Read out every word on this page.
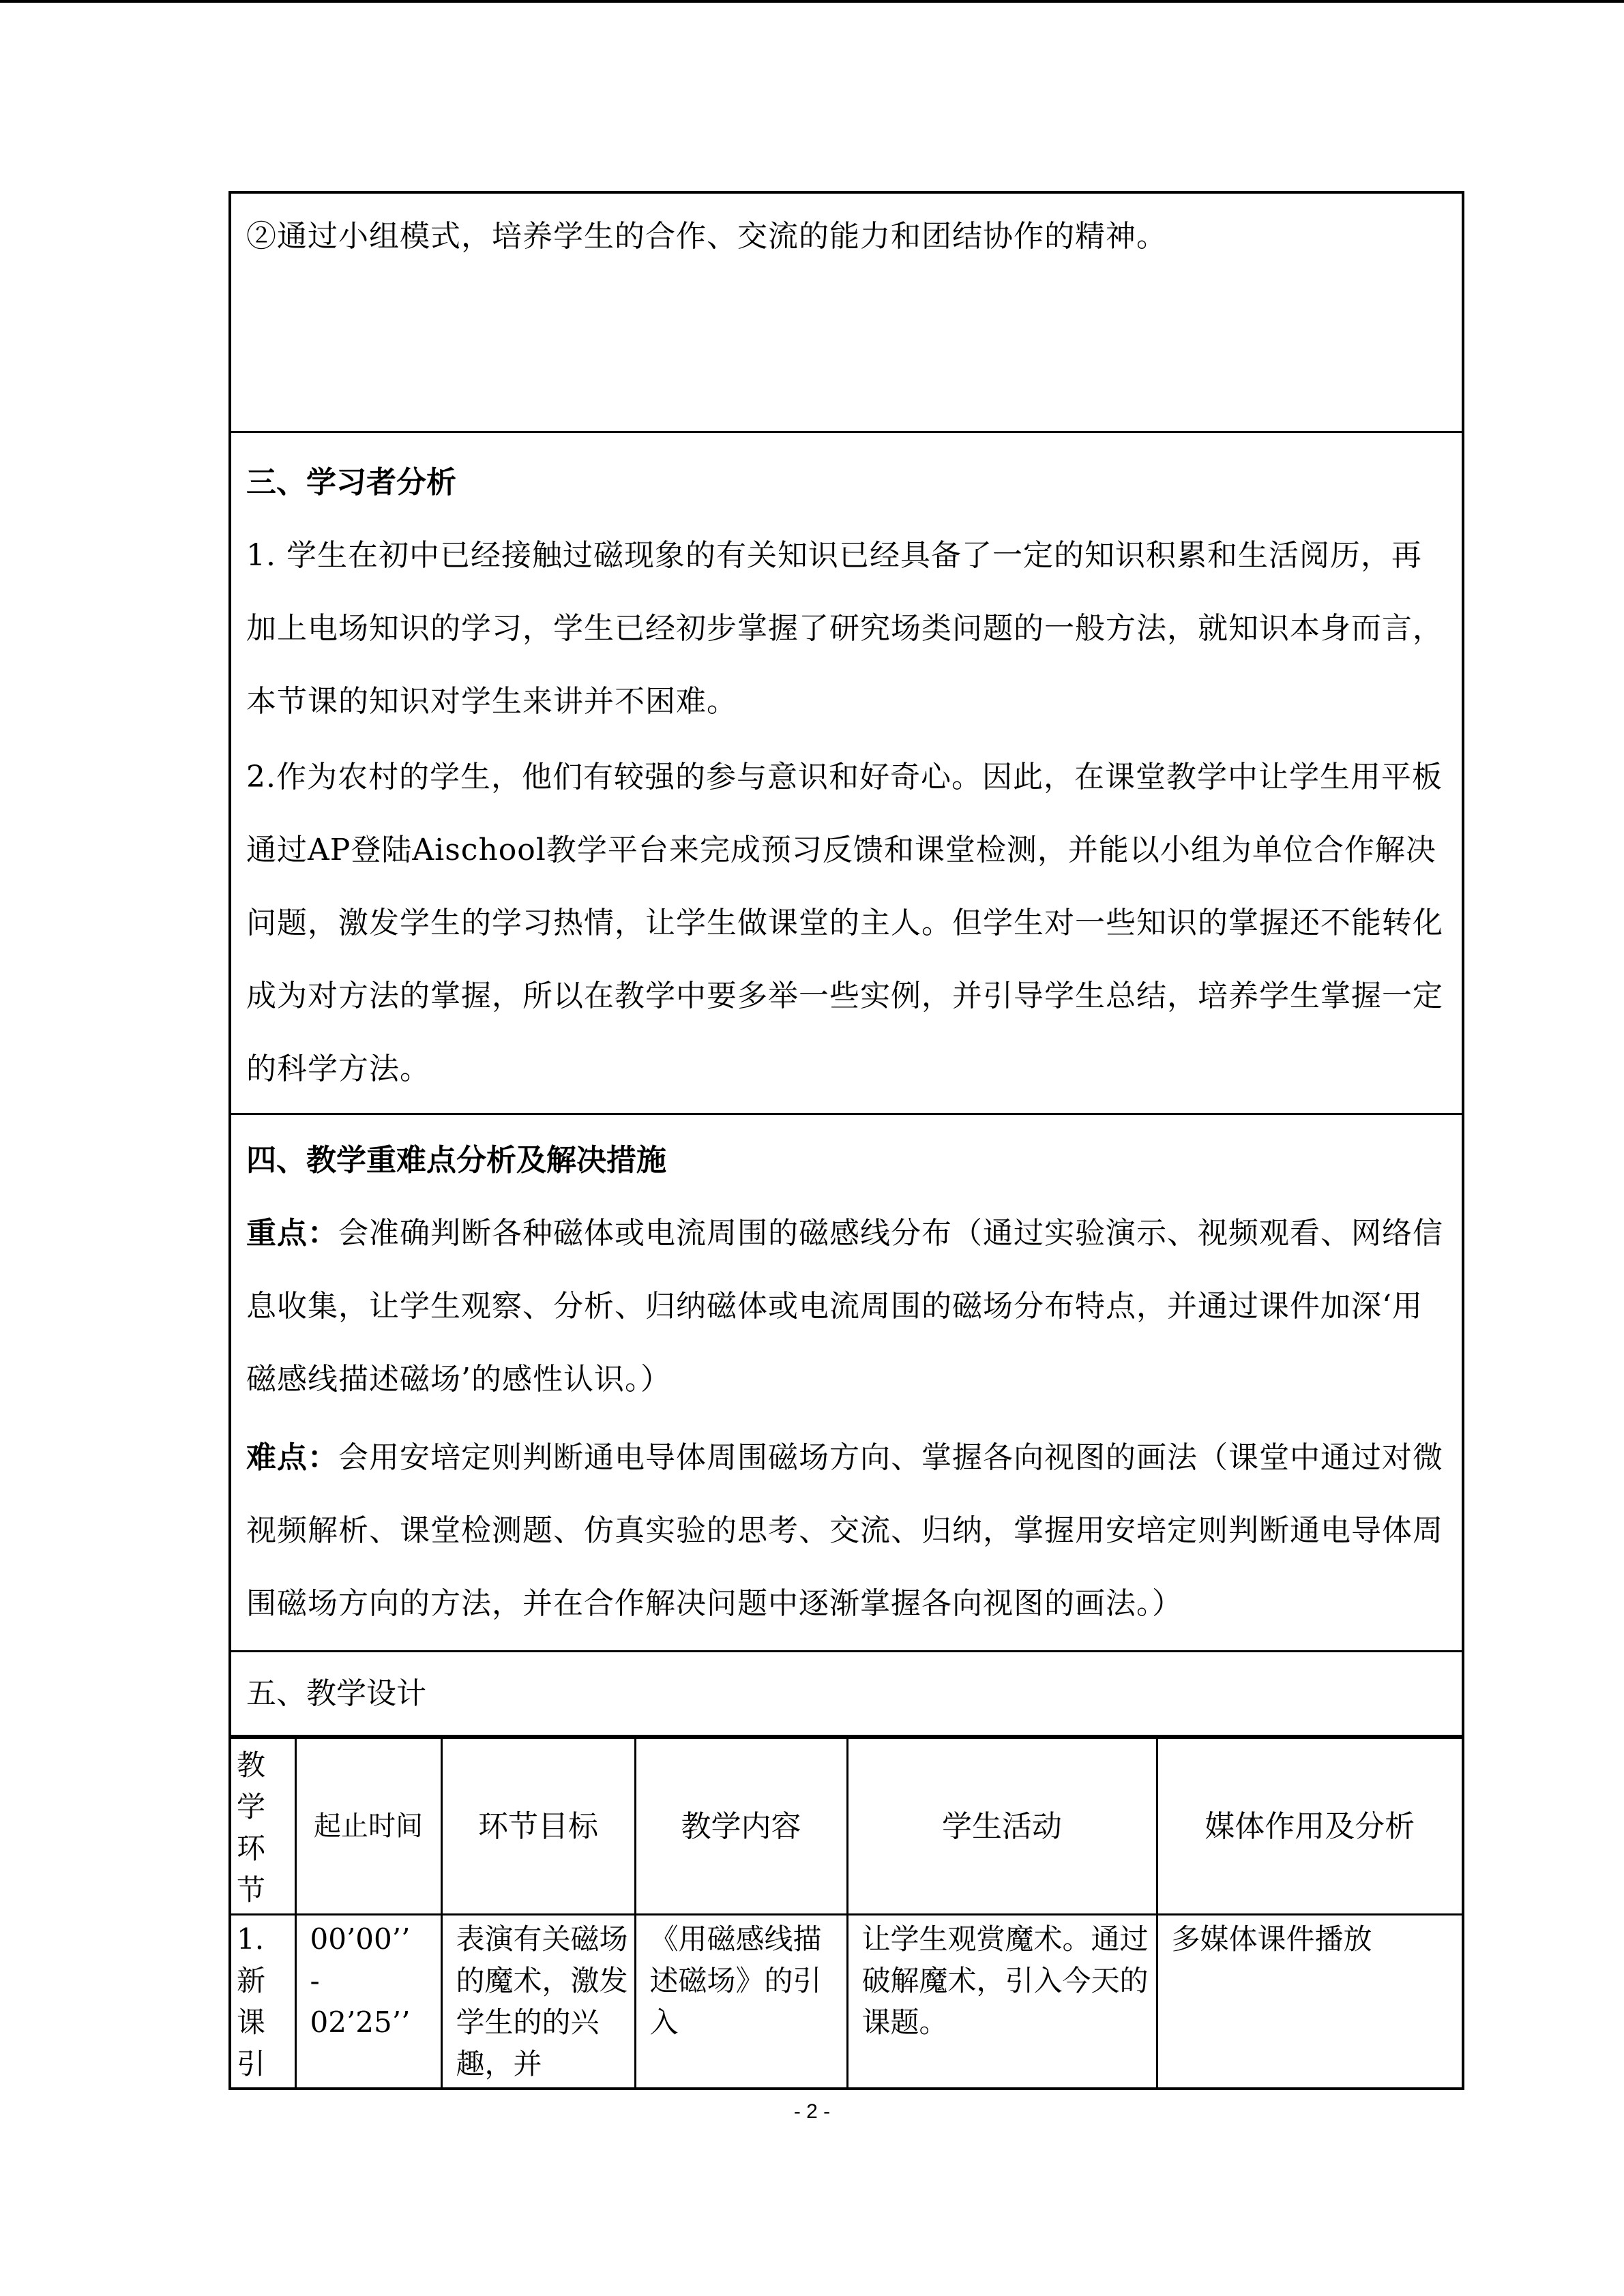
②通过小组模式，培养学生的合作、交流的能力和团结协作的精神。

三、学习者分析

1. 学生在初中已经接触过磁现象的有关知识已经具备了一定的知识积累和生活阅历，再加上电场知识的学习，学生已经初步掌握了研究场类问题的一般方法，就知识本身而言，本节课的知识对学生来讲并不困难。

2.作为农村的学生，他们有较强的参与意识和好奇心。因此，在课堂教学中让学生用平板通过AP登陆Aischool教学平台来完成预习反馈和课堂检测，并能以小组为单位合作解决问题，激发学生的学习热情，让学生做课堂的主人。但学生对一些知识的掌握还不能转化成为对方法的掌握，所以在教学中要多举一些实例，并引导学生总结，培养学生掌握一定的科学方法。

四、教学重难点分析及解决措施

重点：会准确判断各种磁体或电流周围的磁感线分布（通过实验演示、视频观看、网络信息收集，让学生观察、分析、归纳磁体或电流周围的磁场分布特点，并通过课件加深‘用磁感线描述磁场’的感性认识。）

难点：会用安培定则判断通电导体周围磁场方向、掌握各向视图的画法（课堂中通过对微视频解析、课堂检测题、仿真实验的思考、交流、归纳，掌握用安培定则判断通电导体周围磁场方向的方法，并在合作解决问题中逐渐掌握各向视图的画法。）

五、教学设计

教学环节	起止时间	环节目标	教学内容	学生活动	媒体作用及分析
1.新课引	00’00’’
-
02’25’’	表演有关磁场的魔术，激发学生的的兴趣，并	《用磁感线描述磁场》的引入	让学生观赏魔术。通过破解魔术，引入今天的课题。	多媒体课件播放
- 2 -
